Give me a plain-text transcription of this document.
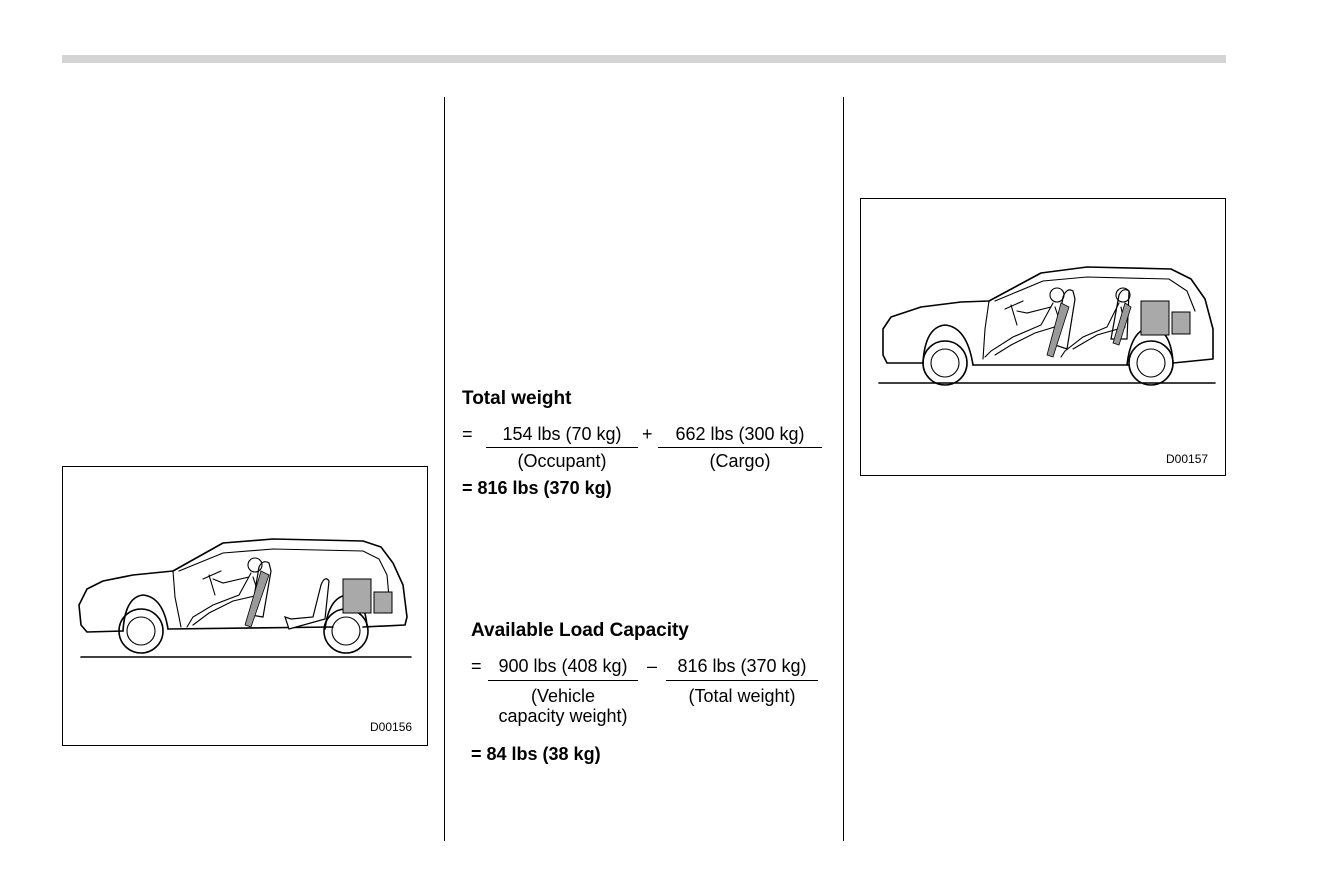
D00156
Total weight
=	154 lbs (70 kg)
(Occupant)
+	662 lbs (300 kg)
(Cargo)
= 816 lbs (370 kg)
Available Load Capacity
= 900 lbs (408 kg)
(Vehicle
capacity weight)
–	816 lbs (370 kg)
(Total weight)
= 84 lbs (38 kg)
D00157
